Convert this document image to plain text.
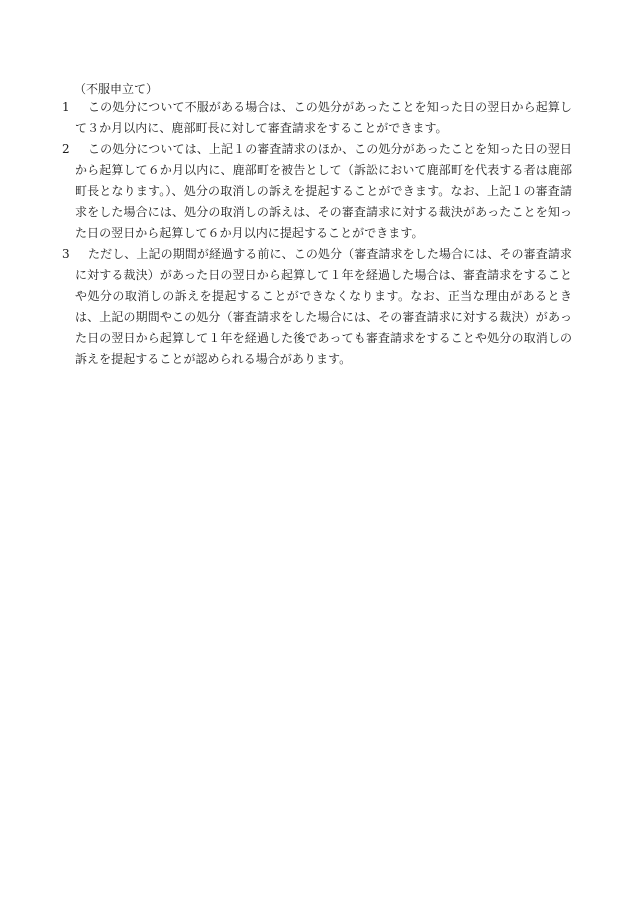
（不服申立て）
1	この処分について不服がある場合は、この処分があったことを知った日の翌日から起算して３か月以内に、鹿部町長に対して審査請求をすることができます。
2	この処分については、上記１の審査請求のほか、この処分があったことを知った日の翌日から起算して６か月以内に、鹿部町を被告として（訴訟において鹿部町を代表する者は鹿部町長となります。）、処分の取消しの訴えを提起することができます。なお、上記１の審査請求をした場合には、処分の取消しの訴えは、その審査請求に対する裁決があったことを知った日の翌日から起算して６か月以内に提起することができます。
3	ただし、上記の期間が経過する前に、この処分（審査請求をした場合には、その審査請求に対する裁決）があった日の翌日から起算して１年を経過した場合は、審査請求をすることや処分の取消しの訴えを提起することができなくなります。なお、正当な理由があるときは、上記の期間やこの処分（審査請求をした場合には、その審査請求に対する裁決）があった日の翌日から起算して１年を経過した後であっても審査請求をすることや処分の取消しの訴えを提起することが認められる場合があります。
